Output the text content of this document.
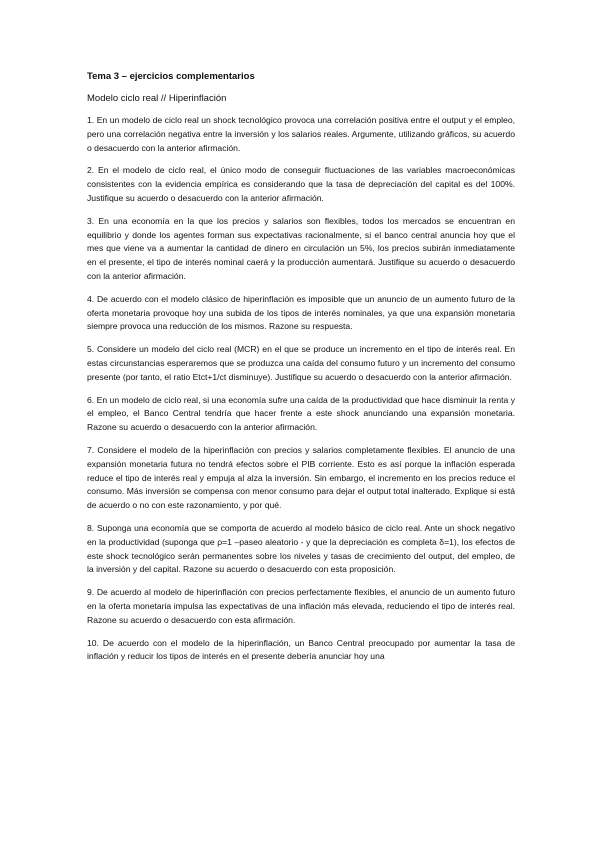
Tema 3 – ejercicios complementarios
Modelo ciclo real // Hiperinflación

1. En un modelo de ciclo real un shock tecnológico provoca una correlación positiva entre el output y el empleo, pero una correlación negativa entre la inversión y los salarios reales. Argumente, utilizando gráficos, su acuerdo o desacuerdo con la anterior afirmación.

2. En el modelo de ciclo real, el único modo de conseguir fluctuaciones de las variables macroeconómicas consistentes con la evidencia empírica es considerando que la tasa de depreciación del capital es del 100%. Justifique su acuerdo o desacuerdo con la anterior afirmación.

3. En una economía en la que los precios y salarios son flexibles, todos los mercados se encuentran en equilibrio y donde los agentes forman sus expectativas racionalmente, si el banco central anuncia hoy que el mes que viene va a aumentar la cantidad de dinero en circulación un 5%, los precios subirán inmediatamente en el presente, el tipo de interés nominal caerá y la producción aumentará. Justifique su acuerdo o desacuerdo con la anterior afirmación.

4. De acuerdo con el modelo clásico de hiperinflación es imposible que un anuncio de un aumento futuro de la oferta monetaria provoque hoy una subida de los tipos de interés nominales, ya que una expansión monetaria siempre provoca una reducción de los mismos. Razone su respuesta.

5. Considere un modelo del ciclo real (MCR) en el que se produce un incremento en el tipo de interés real. En estas circunstancias esperaremos que se produzca una caída del consumo futuro y un incremento del consumo presente (por tanto, el ratio Etct+1/ct disminuye). Justifique su acuerdo o desacuerdo con la anterior afirmación.

6. En un modelo de ciclo real, si una economía sufre una caída de la productividad que hace disminuir la renta y el empleo, el Banco Central tendría que hacer frente a este shock anunciando una expansión monetaria. Razone su acuerdo o desacuerdo con la anterior afirmación.

7. Considere el modelo de la hiperinflación con precios y salarios completamente flexibles. El anuncio de una expansión monetaria futura no tendrá efectos sobre el PIB corriente. Esto es así porque la inflación esperada reduce el tipo de interés real y empuja al alza la inversión. Sin embargo, el incremento en los precios reduce el consumo. Más inversión se compensa con menor consumo para dejar el output total inalterado. Explique si está de acuerdo o no con este razonamiento, y por qué.

8. Suponga una economía que se comporta de acuerdo al modelo básico de ciclo real. Ante un shock negativo en la productividad (suponga que ρ=1 –paseo aleatorio - y que la depreciación es completa δ=1), los efectos de este shock tecnológico serán permanentes sobre los niveles y tasas de crecimiento del output, del empleo, de la inversión y del capital. Razone su acuerdo o desacuerdo con esta proposición.

9. De acuerdo al modelo de hiperinflación con precios perfectamente flexibles, el anuncio de un aumento futuro en la oferta monetaria impulsa las expectativas de una inflación más elevada, reduciendo el tipo de interés real. Razone su acuerdo o desacuerdo con esta afirmación.

10. De acuerdo con el modelo de la hiperinflación, un Banco Central preocupado por aumentar la tasa de inflación y reducir los tipos de interés en el presente debería anunciar hoy una
